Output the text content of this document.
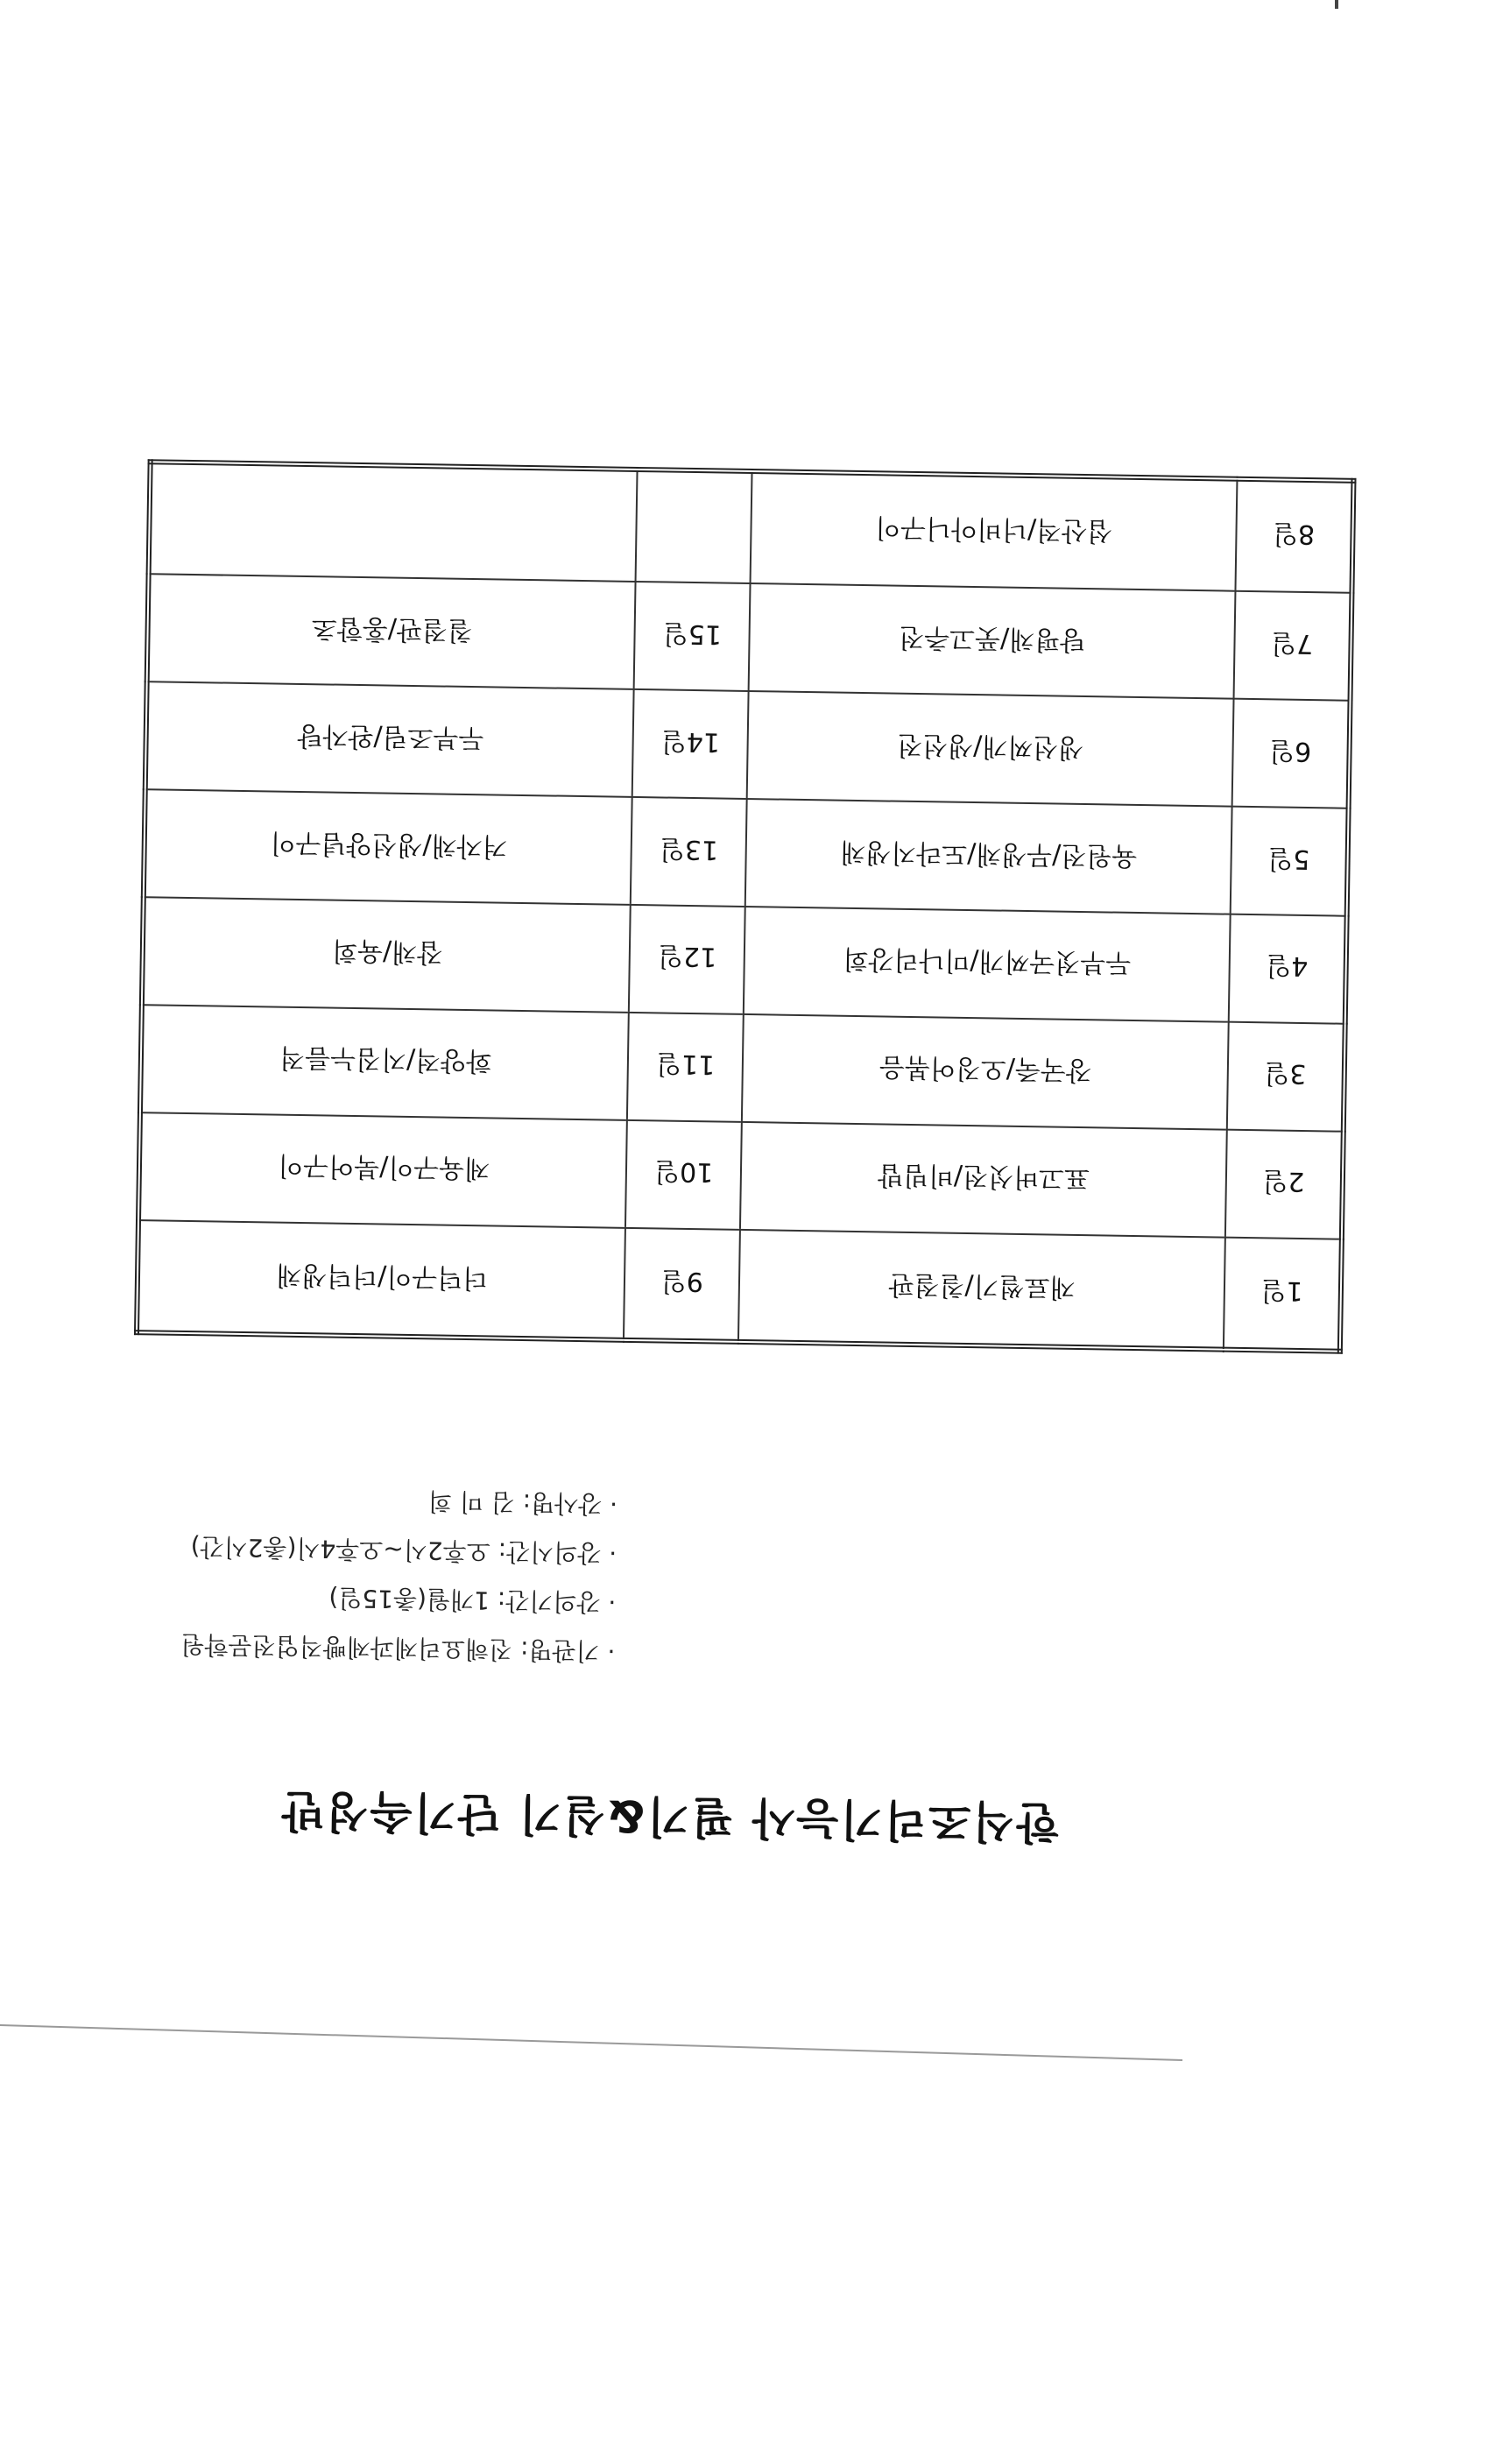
한식조리기능사 필기&실기 단기속성반
· 기관명: 진해요리제과제빵직업전문학원
· 강의기간: 1개월(총15일)
· 강의시간: 오후2시~오후4시(총2시간)
· 강사명: 김 미 희
1일	재료썰기/칠절판	9일	더덕구이/더덕생채
2일	표고버섯전/비빔밥	10일	제육구이/북어구이
3일	장국죽/오징어볶음	11일	화양적/지짐누름적
4일	두부젓국찌개/미나리강회	12일	잡채/육회
5일	육원전/무생채/도라지생채	13일	겨자채/생선양념구이
6일	생선찌개/생선전	14일	두부조림/완자탕
7일	탕평채/풋고추전	15일	칠절판/홍합초
8일	섭산적/너비아니구이		
